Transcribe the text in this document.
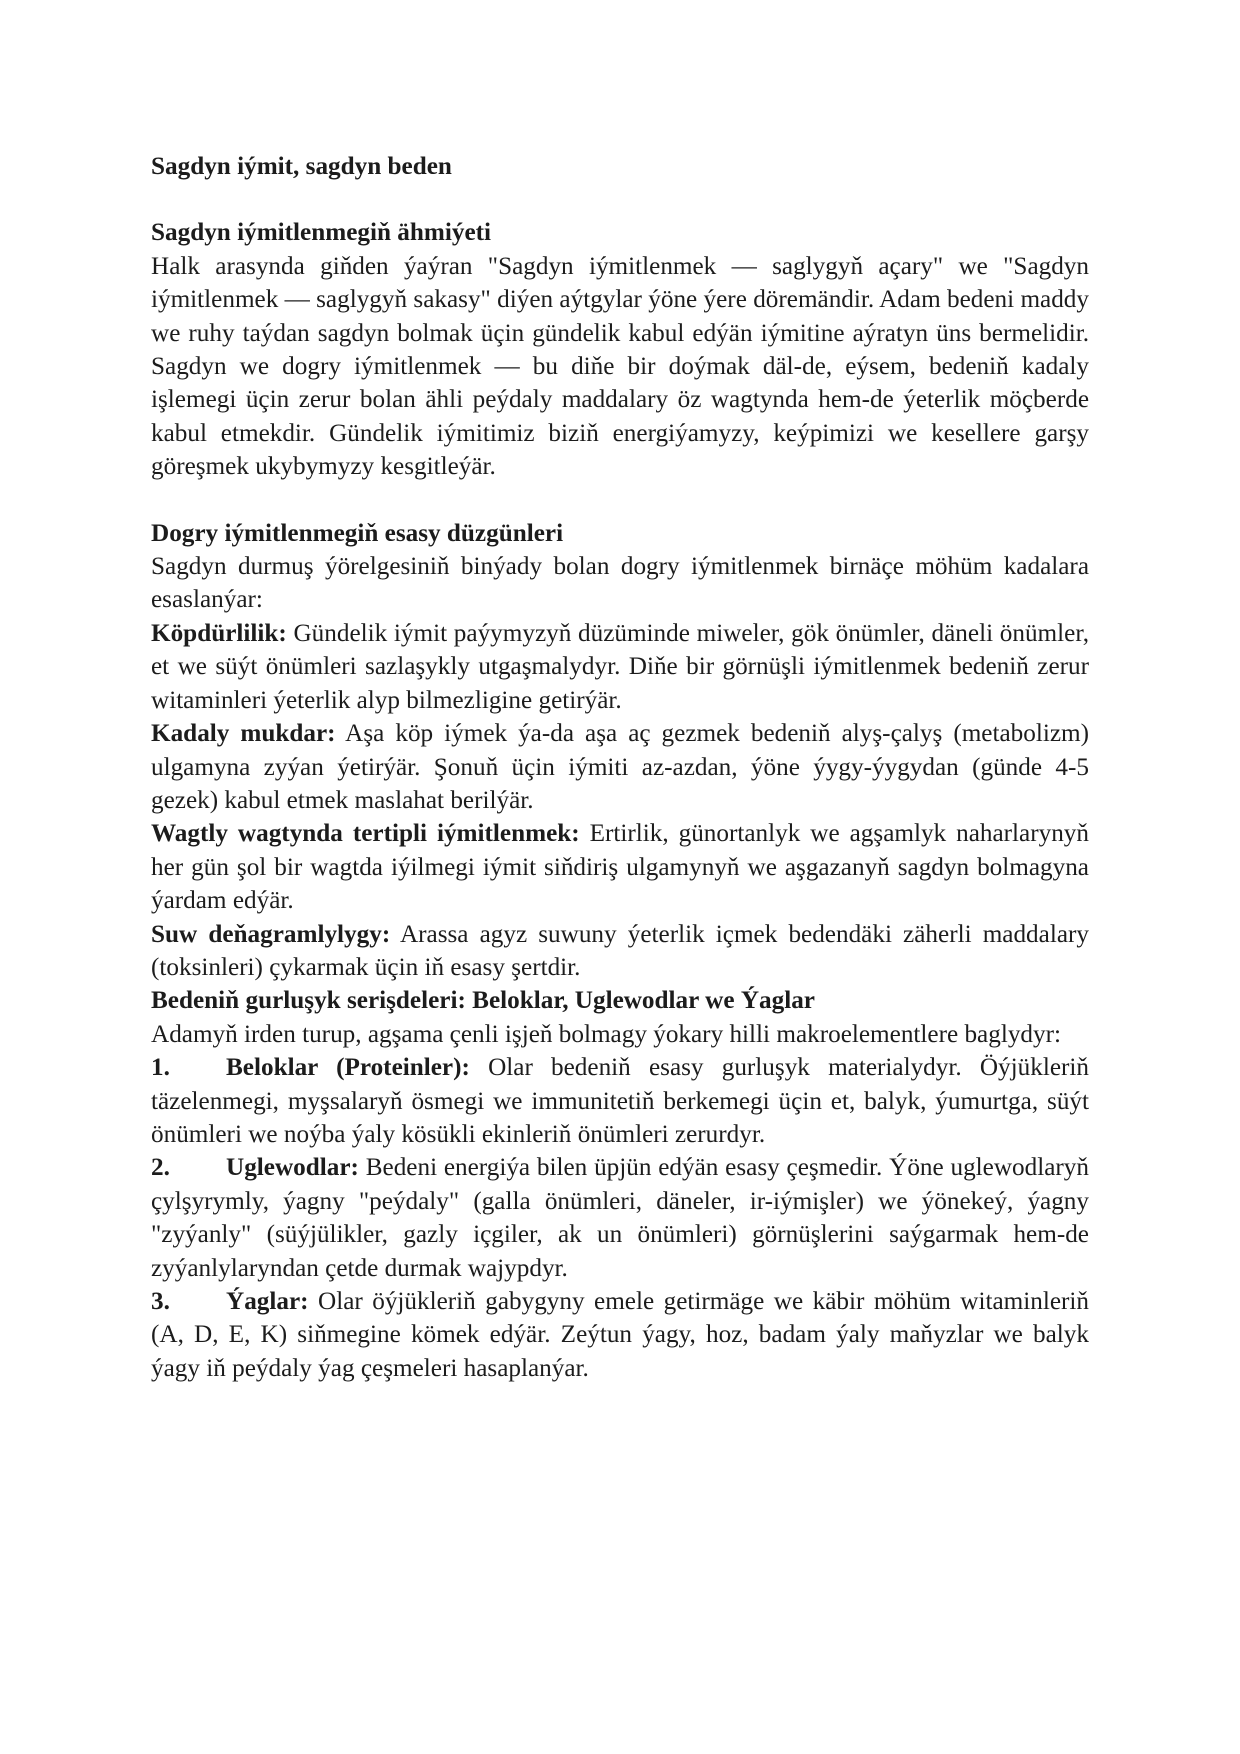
Sagdyn iýmit, sagdyn beden
Sagdyn iýmitlenmegiň ähmiýeti

Halk arasynda giňden ýaýran "Sagdyn iýmitlenmek — saglygyň açary" we "Sagdyn iýmitlenmek — saglygyň sakasy" diýen aýtgylar ýöne ýere döremändir. Adam bedeni maddy we ruhy taýdan sagdyn bolmak üçin gündelik kabul edýän iýmitine aýratyn üns bermelidir. Sagdyn we dogry iýmitlenmek — bu diňe bir doýmak däl-de, eýsem, bedeniň kadaly işlemegi üçin zerur bolan ähli peýdaly maddalary öz wagtynda hem-de ýeterlik möçberde kabul etmekdir. Gündelik iýmitimiz biziň energiýamyzy, keýpimizi we kesellere garşy göreşmek ukybymyzy kesgitleýär.

Dogry iýmitlenmegiň esasy düzgünleri

Sagdyn durmuş ýörelgesiniň binýady bolan dogry iýmitlenmek birnäçe möhüm kadalara esaslanýar:

Köpdürlilik: Gündelik iýmit paýymyzyň düzüminde miweler, gök önümler, däneli önümler, et we süýt önümleri sazlaşykly utgaşmalydyr. Diňe bir görnüşli iýmitlenmek bedeniň zerur witaminleri ýeterlik alyp bilmezligine getirýär.

Kadaly mukdar: Aşa köp iýmek ýa-da aşa aç gezmek bedeniň alyş-çalyş (metabolizm) ulgamyna zyýan ýetirýär. Şonuň üçin iýmiti az-azdan, ýöne ýygy-ýygydan (günde 4-5 gezek) kabul etmek maslahat berilýär.

Wagtly wagtynda tertipli iýmitlenmek: Ertirlik, günortanlyk we agşamlyk naharlarynyň her gün şol bir wagtda iýilmegi iýmit siňdiriş ulgamynyň we aşgazanyň sagdyn bolmagyna ýardam edýär.

Suw deňagramlylygy: Arassa agyz suwuny ýeterlik içmek bedendäki zäherli maddalary (toksinleri) çykarmak üçin iň esasy şertdir.

Bedeniň gurluşyk serişdeleri: Beloklar, Uglewodlar we Ýaglar

Adamyň irden turup, agşama çenli işjeň bolmagy ýokary hilli makroelementlere baglydyr:

1. Beloklar (Proteinler): Olar bedeniň esasy gurluşyk materialydyr. Öýjükleriň täzelenmegi, myşsalaryň ösmegi we immunitetiň berkemegi üçin et, balyk, ýumurtga, süýt önümleri we noýba ýaly kösükli ekinleriň önümleri zerurdyr.

2. Uglewodlar: Bedeni energiýa bilen üpjün edýän esasy çeşmedir. Ýöne uglewodlaryň çylşyrymly, ýagny "peýdaly" (galla önümleri, däneler, ir-iýmişler) we ýönekeý, ýagny "zyýanly" (süýjülikler, gazly içgiler, ak un önümleri) görnüşlerini saýgarmak hem-de zyýanlylaryndan çetde durmak wajypdyr.

3. Ýaglar: Olar öýjükleriň gabygyny emele getirmäge we käbir möhüm witaminleriň (A, D, E, K) siňmegine kömek edýär. Zeýtun ýagy, hoz, badam ýaly maňyzlar we balyk ýagy iň peýdaly ýag çeşmeleri hasaplanýar.
